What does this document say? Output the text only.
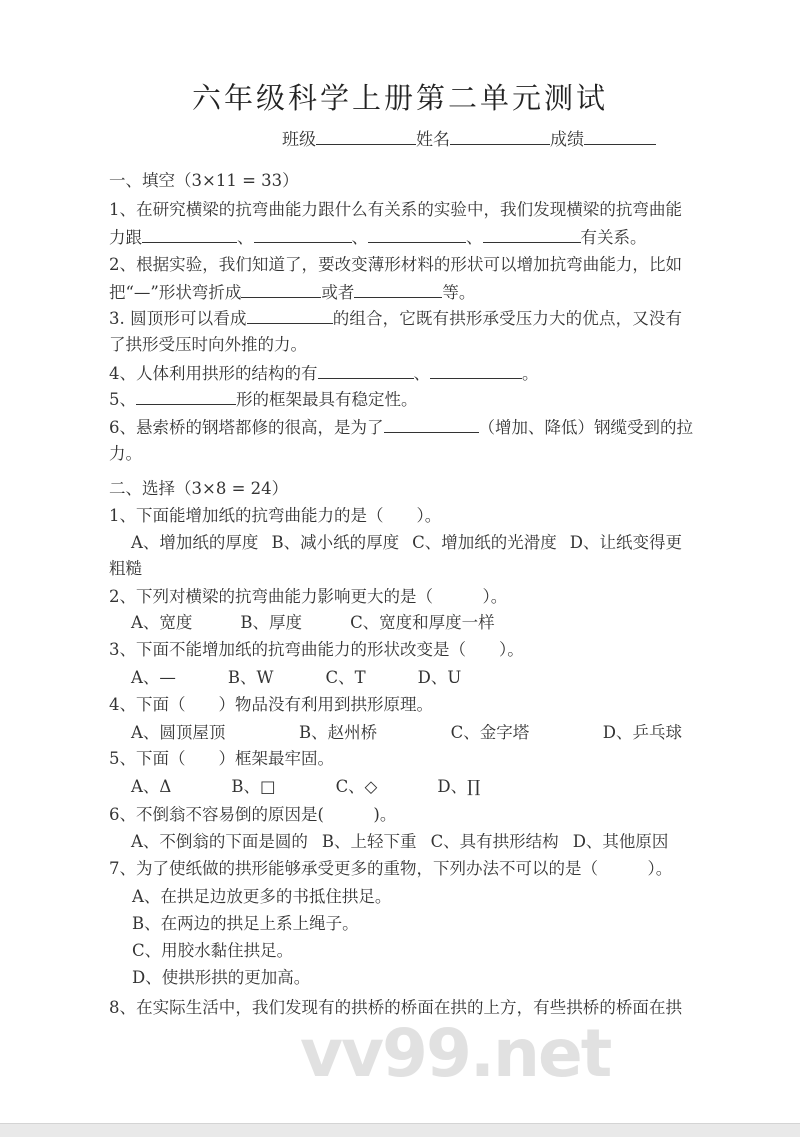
六年级科学上册第二单元测试
班级	姓名	成绩
一、填空（3×11 = 33）
1、在研究横梁的抗弯曲能力跟什么有关系的实验中，我们发现横梁的抗弯曲能
力跟	、	、	、	有关系。
2、根据实验，我们知道了，要改变薄形材料的形状可以增加抗弯曲能力，比如
把“—”形状弯折成	或者	等。
3. 圆顶形可以看成	的组合，它既有拱形承受压力大的优点，又没有
了拱形受压时向外推的力。
4、人体利用拱形的结构的有	、	。
5、	形的框架最具有稳定性。
6、悬索桥的钢塔都修的很高，是为了	（增加、降低）钢缆受到的拉
力。
二、选择（3×8 = 24）
1、下面能增加纸的抗弯曲能力的是（　　）。
A、增加纸的厚度 B、减小纸的厚度 C、增加纸的光滑度 D、让纸变得更
粗糙
2、下列对横梁的抗弯曲能力影响更大的是（　　　）。
A、宽度	B、厚度	C、宽度和厚度一样
3、下面不能增加纸的抗弯曲能力的形状改变是（　　）。
A、—	B、W	C、T	D、U
4、下面（　　）物品没有利用到拱形原理。
A、圆顶屋顶	B、赵州桥	C、金字塔	D、乒乓球
5、下面（　　）框架最牢固。
A、Δ	B、□	C、◇	D、∏
6、不倒翁不容易倒的原因是(　　　)。
A、不倒翁的下面是圆的 B、上轻下重 C、具有拱形结构 D、其他原因
7、为了使纸做的拱形能够承受更多的重物，下列办法不可以的是（　　　）。
A、在拱足边放更多的书抵住拱足。
B、在两边的拱足上系上绳子。
C、用胶水黏住拱足。
D、使拱形拱的更加高。
8、在实际生活中，我们发现有的拱桥的桥面在拱的上方，有些拱桥的桥面在拱
vv99.net
